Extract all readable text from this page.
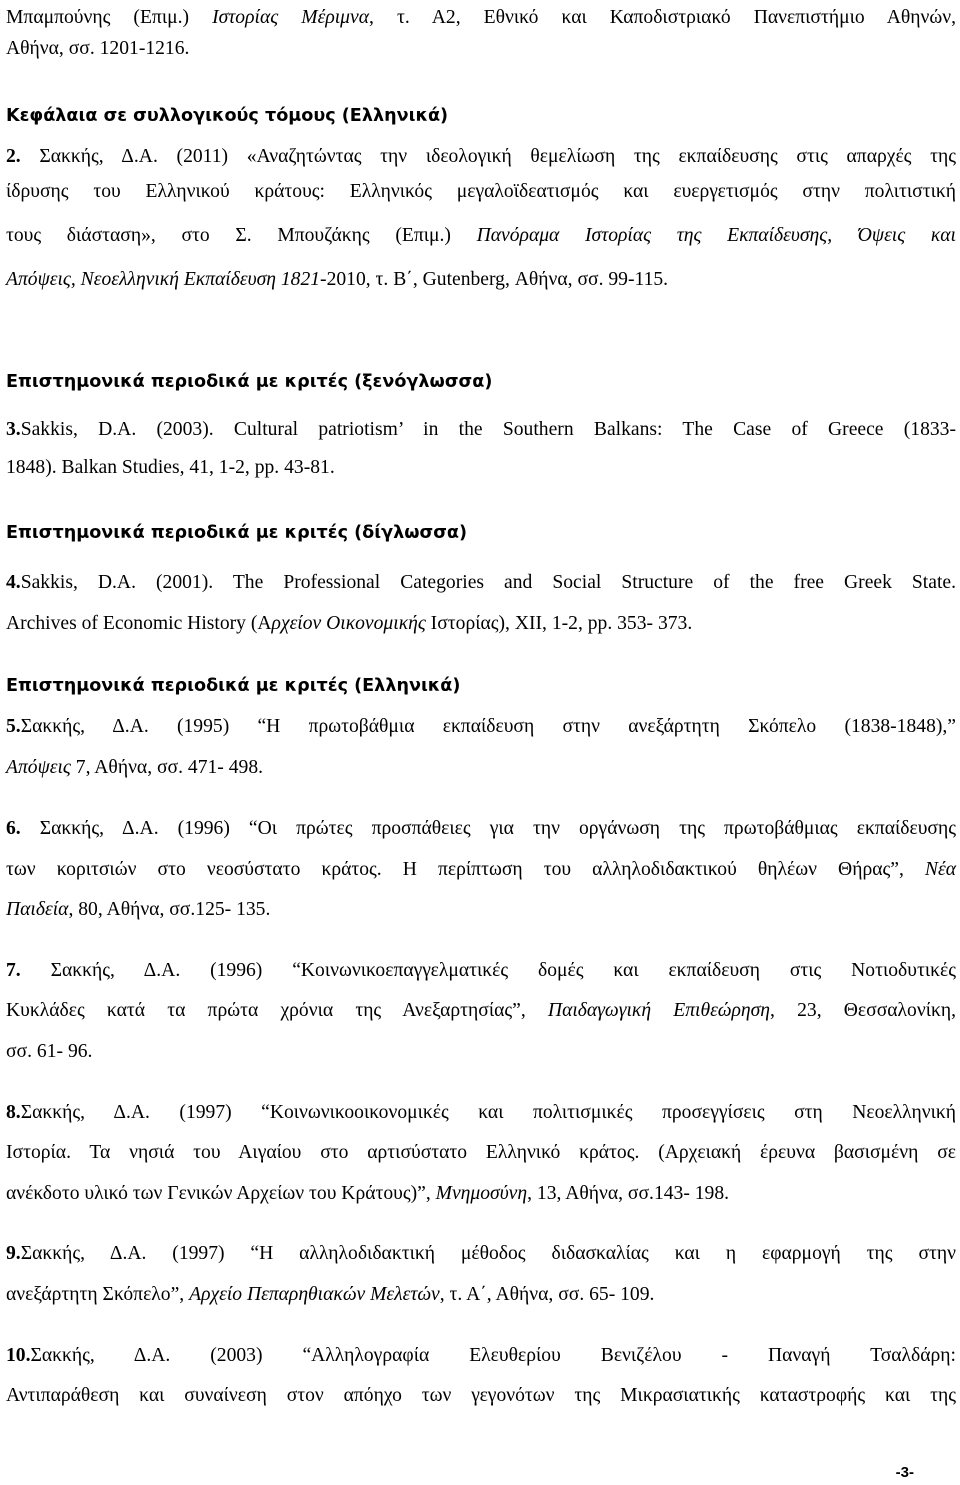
Μπαμπούνης (Επιμ.) Ιστορίας Μέριμνα, τ. Α2, Εθνικό και Καποδιστριακό Πανεπιστήμιο Αθηνών,
Αθήνα, σσ. 1201-1216.
Κεφάλαια σε συλλογικούς τόμους (Ελληνικά)
2. Σακκής, Δ.Α. (2011) «Αναζητώντας την ιδεολογική θεμελίωση της εκπαίδευσης στις απαρχές της
ίδρυσης του Ελληνικού κράτους: Ελληνικός μεγαλοϊδεατισμός και ευεργετισμός στην πολιτιστική
τους διάσταση», στο Σ. Μπουζάκης (Επιμ.) Πανόραμα Ιστορίας της Εκπαίδευσης, Όψεις και
Απόψεις, Νεοελληνική Εκπαίδευση 1821-2010, τ. Β΄, Gutenberg, Αθήνα, σσ. 99-115.
Επιστημονικά περιοδικά με κριτές (ξενόγλωσσα)
3.Sakkis, D.A. (2003). Cultural patriotism’ in the Southern Balkans: The Case of Greece (1833-
1848). Balkan Studies, 41, 1-2, pp. 43-81.
Επιστημονικά περιοδικά με κριτές (δίγλωσσα)
4.Sakkis, D.A. (2001). The Professional Categories and Social Structure of the free Greek State.
Archives of Economic History (Αρχείον Οικονομικής Ιστορίας), XII, 1-2, pp. 353- 373.
Επιστημονικά περιοδικά με κριτές (Ελληνικά)
5.Σακκής, Δ.Α. (1995) “Η πρωτοβάθμια εκπαίδευση στην ανεξάρτητη Σκόπελο (1838-1848),”
Απόψεις 7, Αθήνα, σσ. 471- 498.
6. Σακκής, Δ.Α. (1996) “Οι πρώτες προσπάθειες για την οργάνωση της πρωτοβάθμιας εκπαίδευσης
των κοριτσιών στο νεοσύστατο κράτος. Η περίπτωση του αλληλοδιδακτικού θηλέων Θήρας”, Νέα
Παιδεία, 80, Αθήνα, σσ.125- 135.
7. Σακκής, Δ.Α. (1996) “Κοινωνικοεπαγγελματικές δομές και εκπαίδευση στις Νοτιοδυτικές
Κυκλάδες κατά τα πρώτα χρόνια της Ανεξαρτησίας”, Παιδαγωγική Επιθεώρηση, 23, Θεσσαλονίκη,
σσ. 61- 96.
8.Σακκής, Δ.Α. (1997) “Κοινωνικοοικονομικές και πολιτισμικές προσεγγίσεις στη Νεοελληνική
Ιστορία. Τα νησιά του Αιγαίου στο αρτισύστατο Ελληνικό κράτος. (Αρχειακή έρευνα βασισμένη σε
ανέκδοτο υλικό των Γενικών Αρχείων του Κράτους)”, Μνημοσύνη, 13, Αθήνα, σσ.143- 198.
9.Σακκής, Δ.Α. (1997) “Η αλληλοδιδακτική μέθοδος διδασκαλίας και η εφαρμογή της στην
ανεξάρτητη Σκόπελο”, Αρχείο Πεπαρηθιακών Μελετών, τ. Α΄, Αθήνα, σσ. 65- 109.
10.Σακκής, Δ.Α. (2003) “Αλληλογραφία Ελευθερίου Βενιζέλου - Παναγή Τσαλδάρη:
Αντιπαράθεση και συναίνεση στον απόηχο των γεγονότων της Μικρασιατικής καταστροφής και της
-3-
